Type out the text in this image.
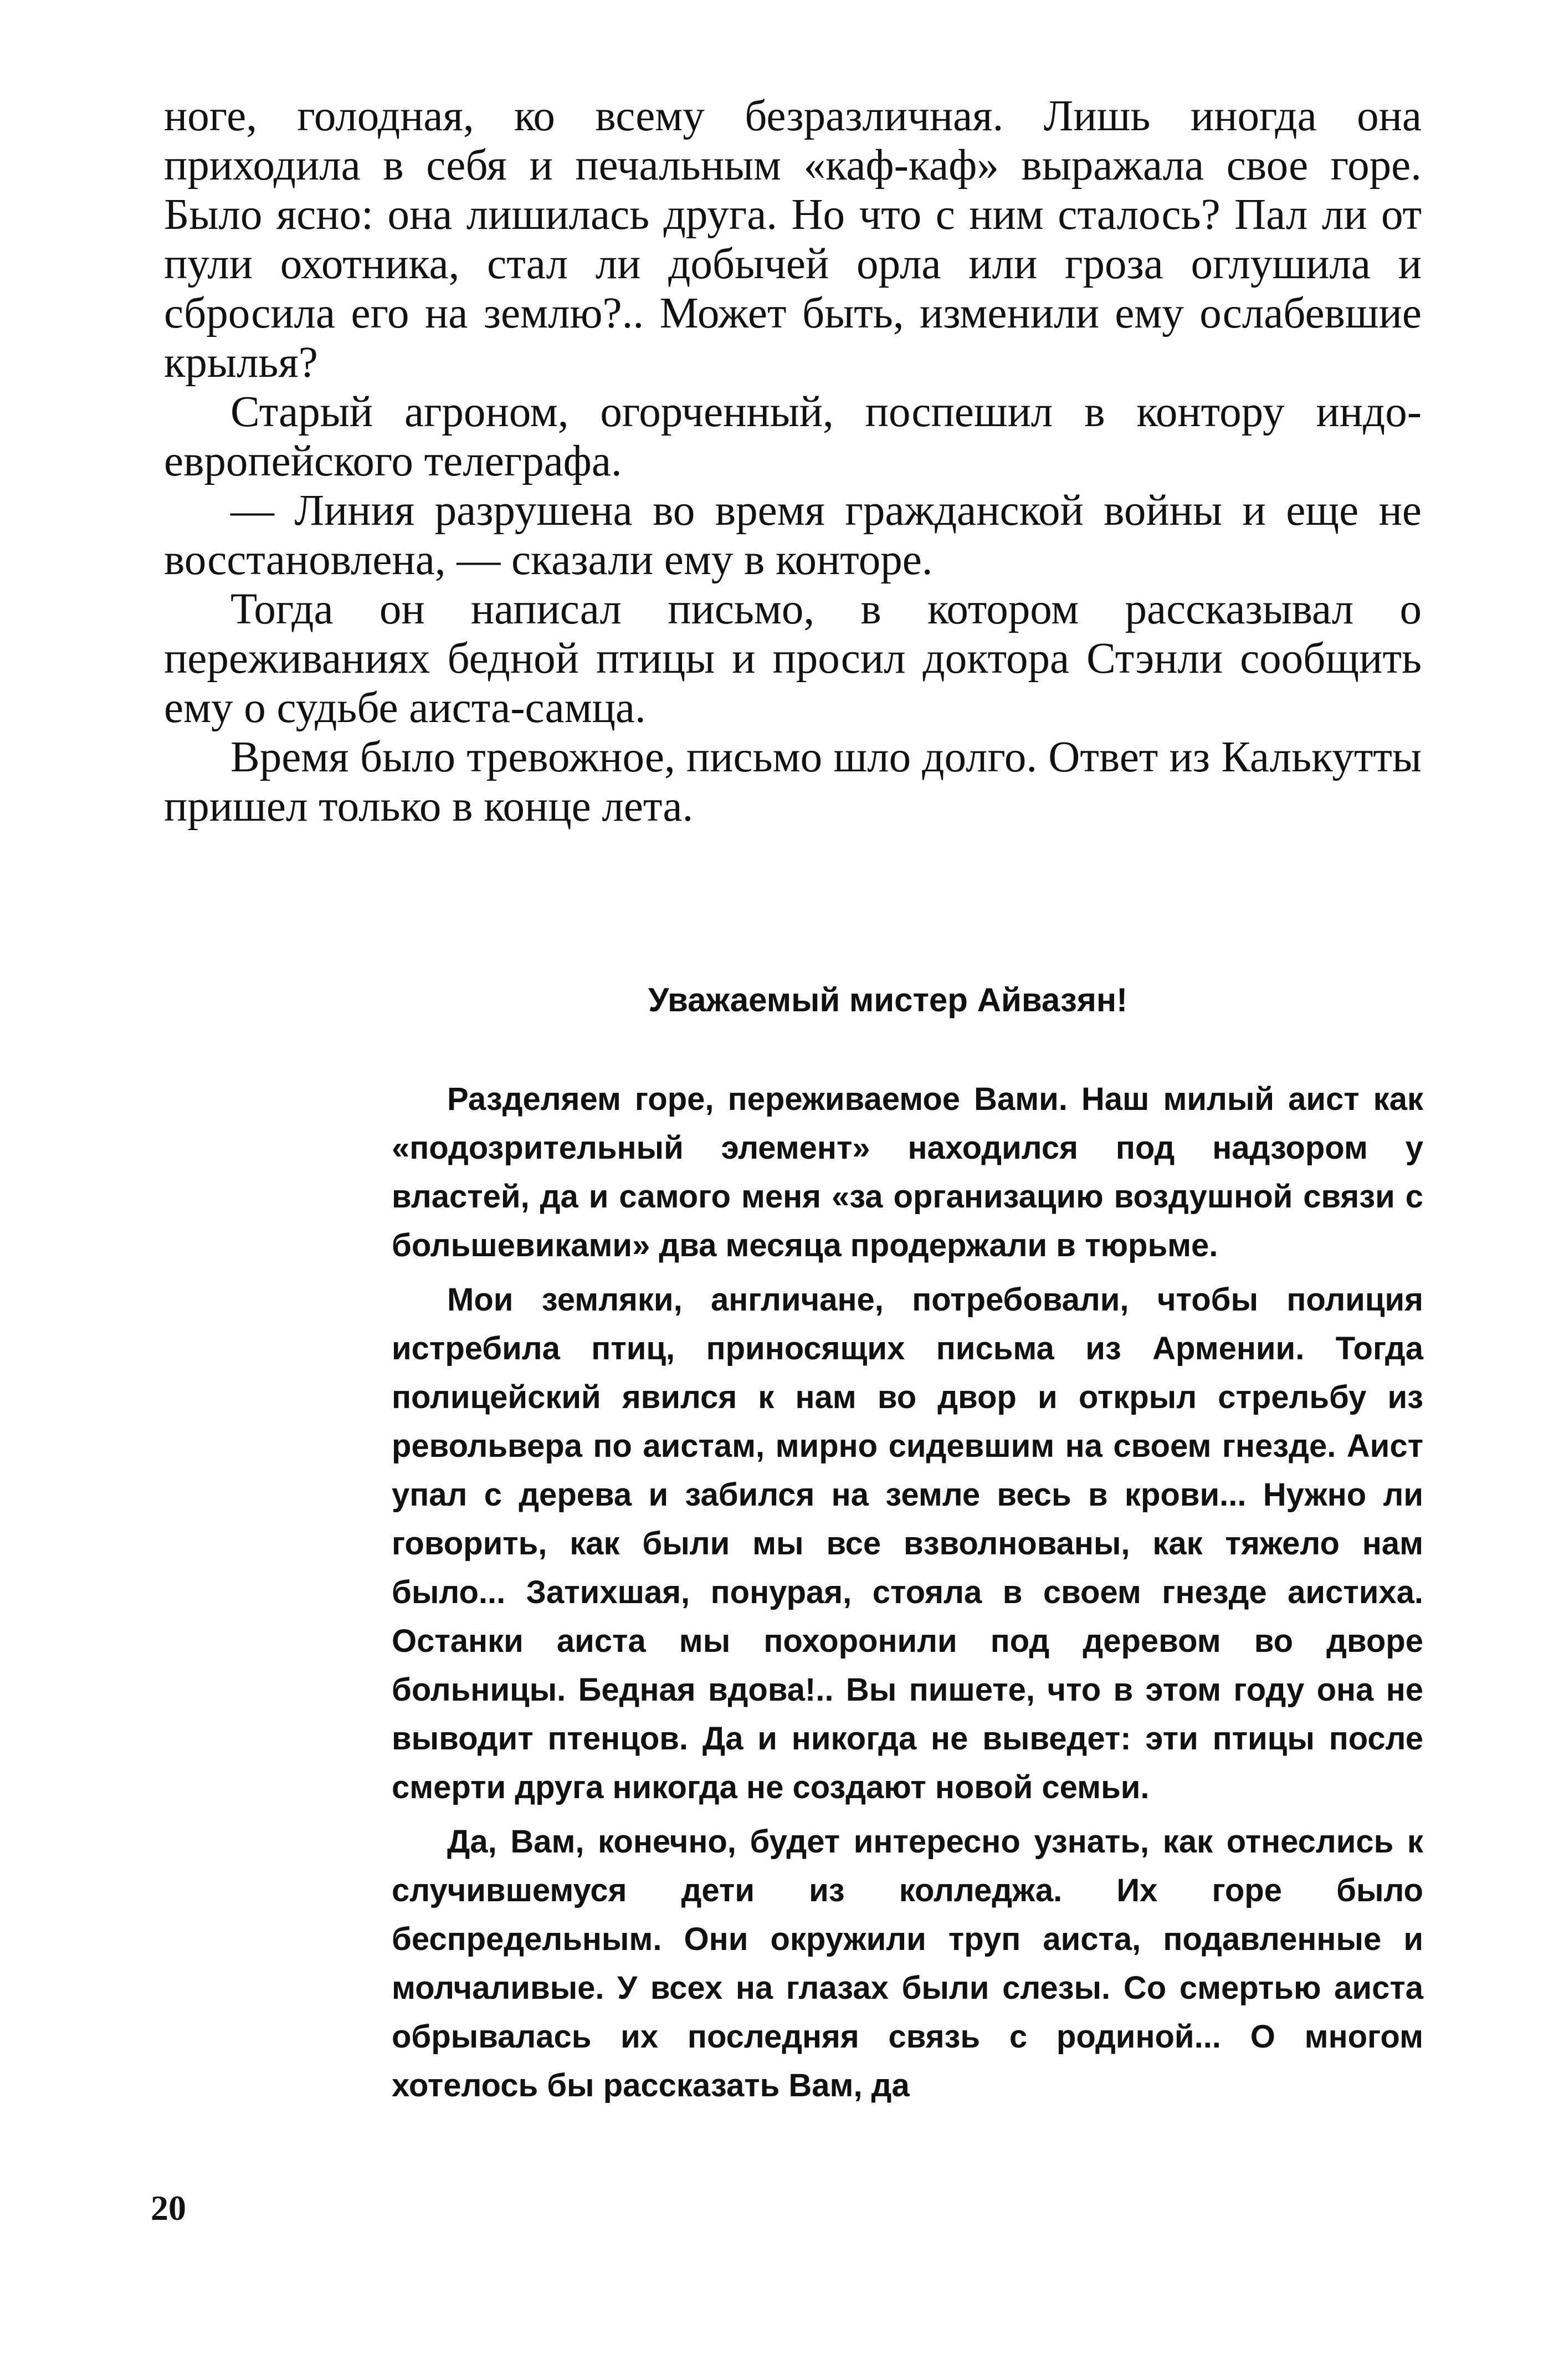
ноге, голодная, ко всему безразличная. Лишь иногда она приходила в себя и печальным «каф-каф» выражала свое горе. Было ясно: она лишилась друга. Но что с ним сталось? Пал ли от пули охотника, стал ли добычей орла или гроза оглушила и сбросила его на землю?.. Может быть, изменили ему ослабевшие крылья?

Старый агроном, огорченный, поспешил в контору индо-европейского телеграфа.

— Линия разрушена во время гражданской войны и еще не восстановлена, — сказали ему в конторе.

Тогда он написал письмо, в котором рассказывал о переживаниях бедной птицы и просил доктора Стэнли сообщить ему о судьбе аиста-самца.

Время было тревожное, письмо шло долго. Ответ из Калькутты пришел только в конце лета.

Уважаемый мистер Айвазян!

Разделяем горе, переживаемое Вами. Наш милый аист как «подозрительный элемент» находился под надзором у властей, да и самого меня «за организацию воздушной связи с большевиками» два месяца продержали в тюрьме.

Мои земляки, англичане, потребовали, чтобы полиция истребила птиц, приносящих письма из Армении. Тогда полицейский явился к нам во двор и открыл стрельбу из револьвера по аистам, мирно сидевшим на своем гнезде. Аист упал с дерева и забился на земле весь в крови... Нужно ли говорить, как были мы все взволнованы, как тяжело нам было... Затихшая, понурая, стояла в своем гнезде аистиха. Останки аиста мы похоронили под деревом во дворе больницы. Бедная вдова!.. Вы пишете, что в этом году она не выводит птенцов. Да и никогда не выведет: эти птицы после смерти друга никогда не создают новой семьи.

Да, Вам, конечно, будет интересно узнать, как отнеслись к случившемуся дети из колледжа. Их горе было беспредельным. Они окружили труп аиста, подавленные и молчаливые. У всех на глазах были слезы. Со смертью аиста обрывалась их последняя связь с родиной... О многом хотелось бы рассказать Вам, да

20
